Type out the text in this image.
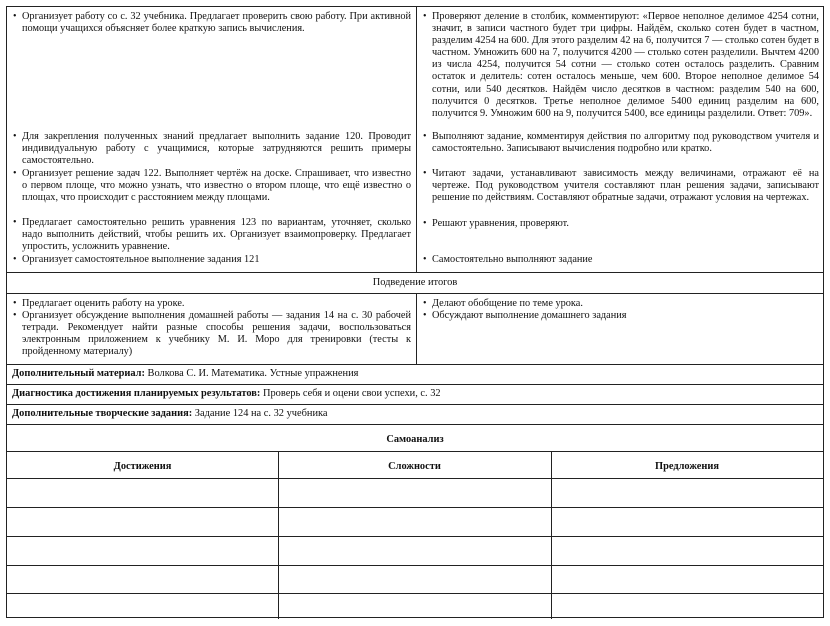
• Организует работу со с. 32 учебника. Предлагает проверить свою работу. При активной помощи учащихся объясняет более краткую запись вычисления.
• Для закрепления полученных знаний предлагает выполнить задание 120. Проводит индивидуальную работу с учащимися, которые затрудняются решить примеры самостоятельно.
• Организует решение задач 122. Выполняет чертёж на доске. Спрашивает, что известно о первом площе, что можно узнать, что известно о втором площе, что ещё известно о площах, что происходит с расстоянием между площами.
• Предлагает самостоятельно решить уравнения 123 по вариантам, уточняет, сколько надо выполнить действий, чтобы решить их. Организует взаимопроверку. Предлагает упростить, усложнить уравнение.
• Организует самостоятельное выполнение задания 121
• Проверяют деление в столбик, комментируют: «Первое неполное делимое 4254 сотни, значит, в записи частного будет три цифры. Найдём, сколько сотен будет в частном, разделим 4254 на 600. Для этого разделим 42 на 6, получится 7 — столько сотен будет в частном. Умножить 600 на 7, получится 4200 — столько сотен разделили. Вычтем 4200 из числа 4254, получится 54 сотни — столько сотен осталось разделить. Сравним остаток и делитель: сотен осталось меньше, чем 600. Второе неполное делимое 54 сотни, или 540 десятков. Найдём число десятков в частном: разделим 540 на 600, получится 0 десятков. Третье неполное делимое 5400 единиц разделим на 600, получится 9. Умножим 600 на 9, получится 5400, все единицы разделили. Ответ: 709».
• Выполняют задание, комментируя действия по алгоритму под руководством учителя и самостоятельно. Записывают вычисления подробно или кратко.
• Читают задачи, устанавливают зависимость между величинами, отражают её на чертеже. Под руководством учителя составляют план решения задачи, записывают решение по действиям. Составляют обратные задачи, отражают условия на чертежах.
• Решают уравнения, проверяют.
• Самостоятельно выполняют задание
Подведение итогов
• Предлагает оценить работу на уроке.
• Организует обсуждение выполнения домашней работы — задания 14 на с. 30 рабочей тетради. Рекомендует найти разные способы решения задачи, воспользоваться электронным приложением к учебнику М. И. Моро для тренировки (тесты к пройденному материалу)
• Делают обобщение по теме урока.
• Обсуждают выполнение домашнего задания
Дополнительный материал: Волкова С. И. Математика. Устные упражнения
Диагностика достижения планируемых результатов: Проверь себя и оцени свои успехи, с. 32
Дополнительные творческие задания: Задание 124 на с. 32 учебника
Самоанализ
Достижения	Сложности	Предложения
